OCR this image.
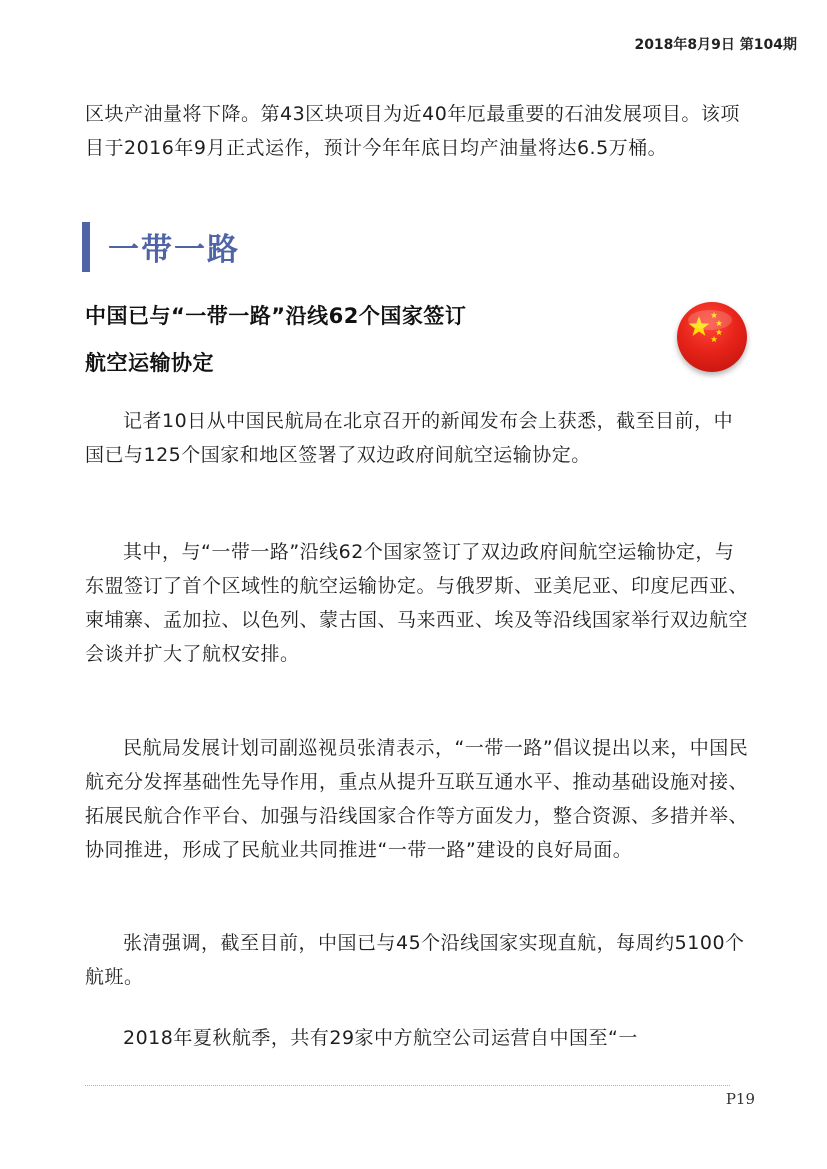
2018年8月9日 第104期
区块产油量将下降。第43区块项目为近40年厄最重要的石油发展项目。该项目于2016年9月正式运作，预计今年年底日均产油量将达6.5万桶。
一带一路
中国已与“一带一路”沿线62个国家签订
航空运输协定
记者10日从中国民航局在北京召开的新闻发布会上获悉，截至目前，中国已与125个国家和地区签署了双边政府间航空运输协定。
其中，与“一带一路”沿线62个国家签订了双边政府间航空运输协定，与东盟签订了首个区域性的航空运输协定。与俄罗斯、亚美尼亚、印度尼西亚、柬埔寨、孟加拉、以色列、蒙古国、马来西亚、埃及等沿线国家举行双边航空会谈并扩大了航权安排。
民航局发展计划司副巡视员张清表示，“一带一路”倡议提出以来，中国民航充分发挥基础性先导作用，重点从提升互联互通水平、推动基础设施对接、拓展民航合作平台、加强与沿线国家合作等方面发力，整合资源、多措并举、协同推进，形成了民航业共同推进“一带一路”建设的良好局面。
张清强调，截至目前，中国已与45个沿线国家实现直航，每周约5100个航班。
2018年夏秋航季，共有29家中方航空公司运营自中国至“一
P19
